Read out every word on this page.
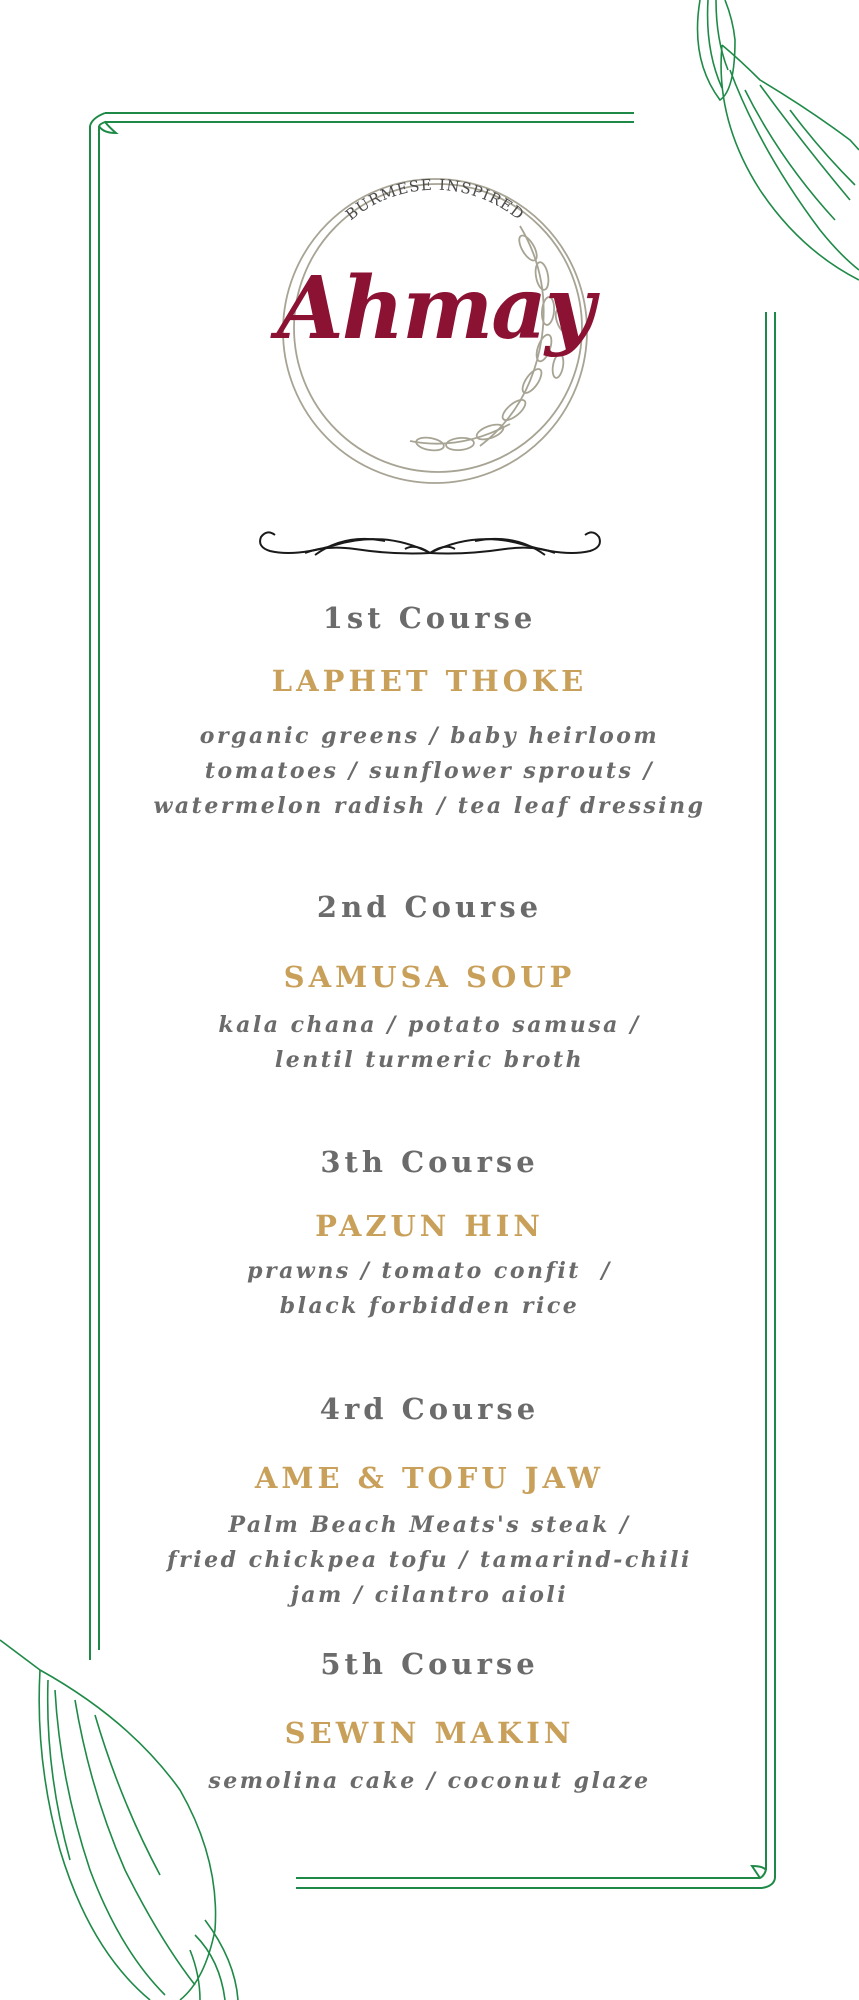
BURMESE INSPIRED
Ahmay
1st Course
LAPHET THOKE
organic greens / baby heirloom
tomatoes / sunflower sprouts /
watermelon radish / tea leaf dressing
2nd Course
SAMUSA SOUP
kala chana / potato samusa /
lentil turmeric broth
3th Course
PAZUN HIN
prawns / tomato confit  /
black forbidden rice
4rd Course
AME & TOFU JAW
Palm Beach Meats's steak /
fried chickpea tofu / tamarind-chili
jam / cilantro aioli
5th Course
SEWIN MAKIN
semolina cake / coconut glaze
